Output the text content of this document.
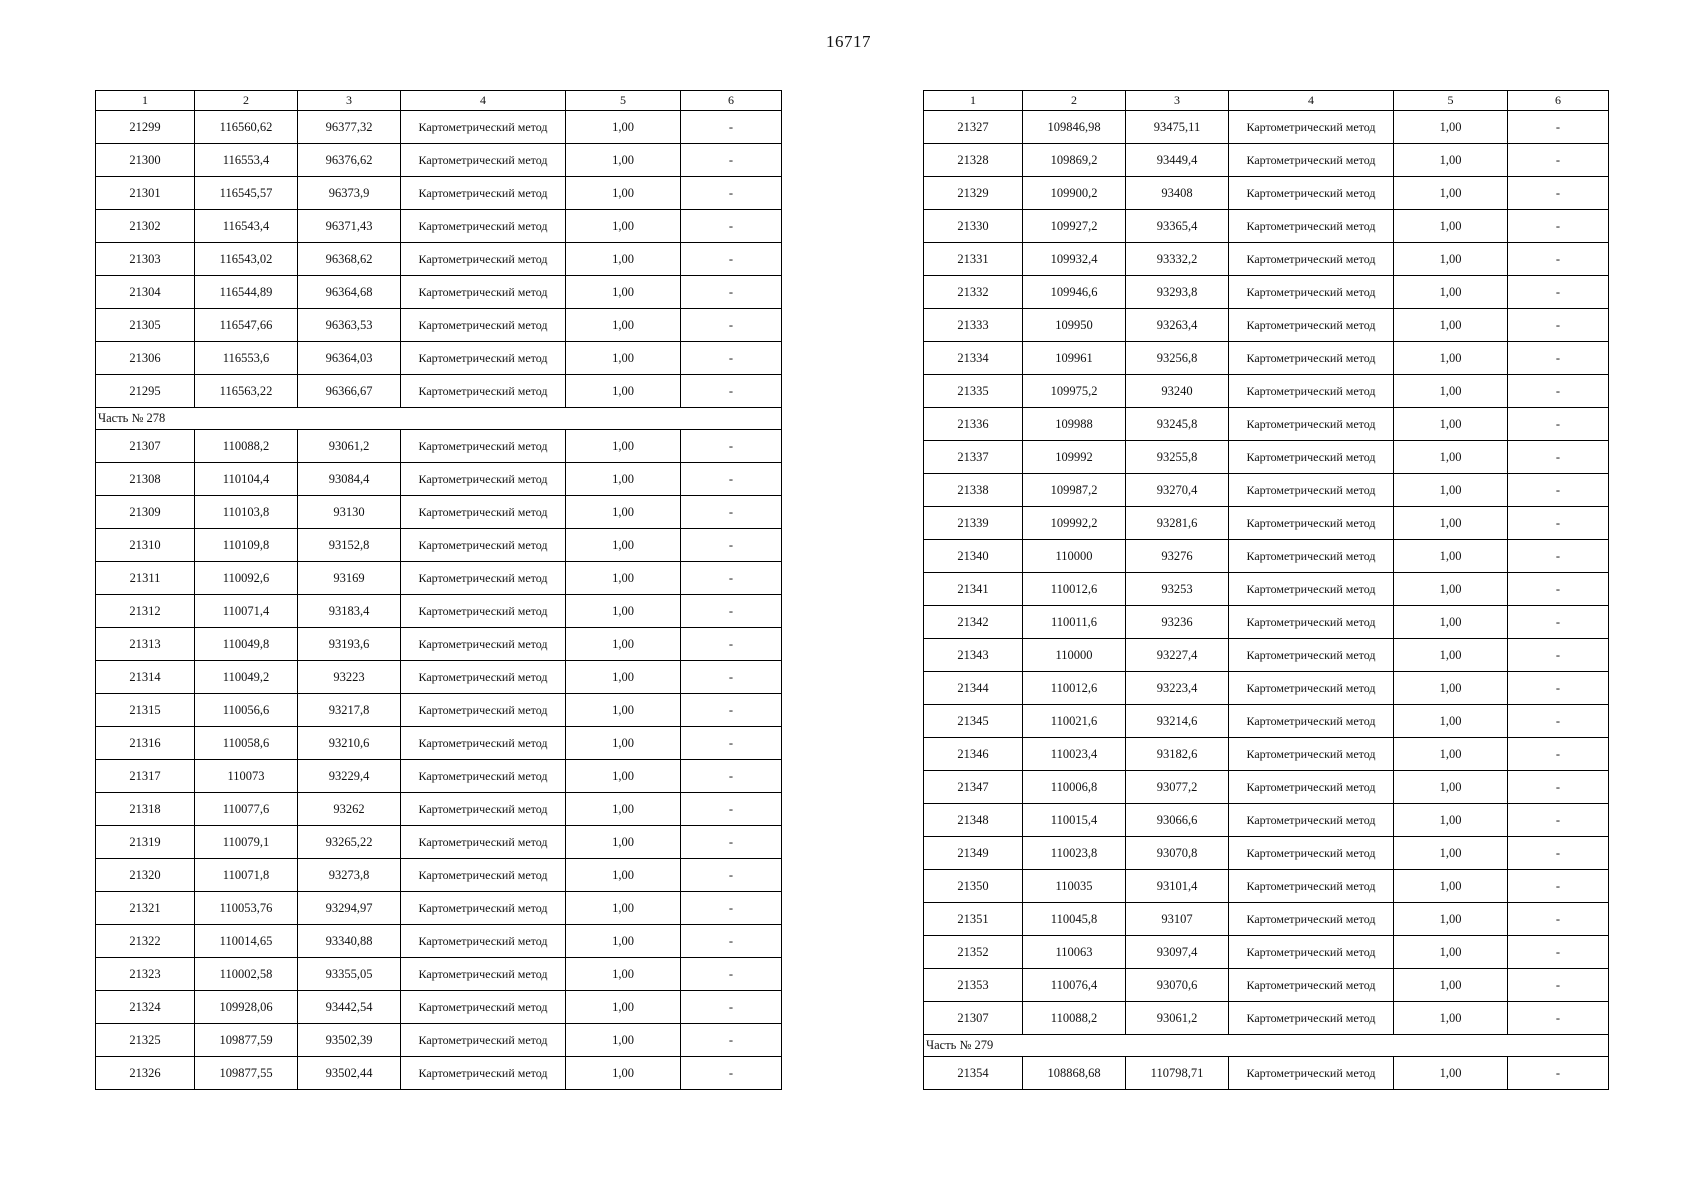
16717
1	2	3	4	5	6
21299	116560,62	96377,32	Картометрический метод	1,00	-
21300	116553,4	96376,62	Картометрический метод	1,00	-
21301	116545,57	96373,9	Картометрический метод	1,00	-
21302	116543,4	96371,43	Картометрический метод	1,00	-
21303	116543,02	96368,62	Картометрический метод	1,00	-
21304	116544,89	96364,68	Картометрический метод	1,00	-
21305	116547,66	96363,53	Картометрический метод	1,00	-
21306	116553,6	96364,03	Картометрический метод	1,00	-
21295	116563,22	96366,67	Картометрический метод	1,00	-
Часть № 278					
21307	110088,2	93061,2	Картометрический метод	1,00	-
21308	110104,4	93084,4	Картометрический метод	1,00	-
21309	110103,8	93130	Картометрический метод	1,00	-
21310	110109,8	93152,8	Картометрический метод	1,00	-
21311	110092,6	93169	Картометрический метод	1,00	-
21312	110071,4	93183,4	Картометрический метод	1,00	-
21313	110049,8	93193,6	Картометрический метод	1,00	-
21314	110049,2	93223	Картометрический метод	1,00	-
21315	110056,6	93217,8	Картометрический метод	1,00	-
21316	110058,6	93210,6	Картометрический метод	1,00	-
21317	110073	93229,4	Картометрический метод	1,00	-
21318	110077,6	93262	Картометрический метод	1,00	-
21319	110079,1	93265,22	Картометрический метод	1,00	-
21320	110071,8	93273,8	Картометрический метод	1,00	-
21321	110053,76	93294,97	Картометрический метод	1,00	-
21322	110014,65	93340,88	Картометрический метод	1,00	-
21323	110002,58	93355,05	Картометрический метод	1,00	-
21324	109928,06	93442,54	Картометрический метод	1,00	-
21325	109877,59	93502,39	Картометрический метод	1,00	-
21326	109877,55	93502,44	Картометрический метод	1,00	-
1	2	3	4	5	6
21327	109846,98	93475,11	Картометрический метод	1,00	-
21328	109869,2	93449,4	Картометрический метод	1,00	-
21329	109900,2	93408	Картометрический метод	1,00	-
21330	109927,2	93365,4	Картометрический метод	1,00	-
21331	109932,4	93332,2	Картометрический метод	1,00	-
21332	109946,6	93293,8	Картометрический метод	1,00	-
21333	109950	93263,4	Картометрический метод	1,00	-
21334	109961	93256,8	Картометрический метод	1,00	-
21335	109975,2	93240	Картометрический метод	1,00	-
21336	109988	93245,8	Картометрический метод	1,00	-
21337	109992	93255,8	Картометрический метод	1,00	-
21338	109987,2	93270,4	Картометрический метод	1,00	-
21339	109992,2	93281,6	Картометрический метод	1,00	-
21340	110000	93276	Картометрический метод	1,00	-
21341	110012,6	93253	Картометрический метод	1,00	-
21342	110011,6	93236	Картометрический метод	1,00	-
21343	110000	93227,4	Картометрический метод	1,00	-
21344	110012,6	93223,4	Картометрический метод	1,00	-
21345	110021,6	93214,6	Картометрический метод	1,00	-
21346	110023,4	93182,6	Картометрический метод	1,00	-
21347	110006,8	93077,2	Картометрический метод	1,00	-
21348	110015,4	93066,6	Картометрический метод	1,00	-
21349	110023,8	93070,8	Картометрический метод	1,00	-
21350	110035	93101,4	Картометрический метод	1,00	-
21351	110045,8	93107	Картометрический метод	1,00	-
21352	110063	93097,4	Картометрический метод	1,00	-
21353	110076,4	93070,6	Картометрический метод	1,00	-
21307	110088,2	93061,2	Картометрический метод	1,00	-
Часть № 279					
21354	108868,68	110798,71	Картометрический метод	1,00	-
